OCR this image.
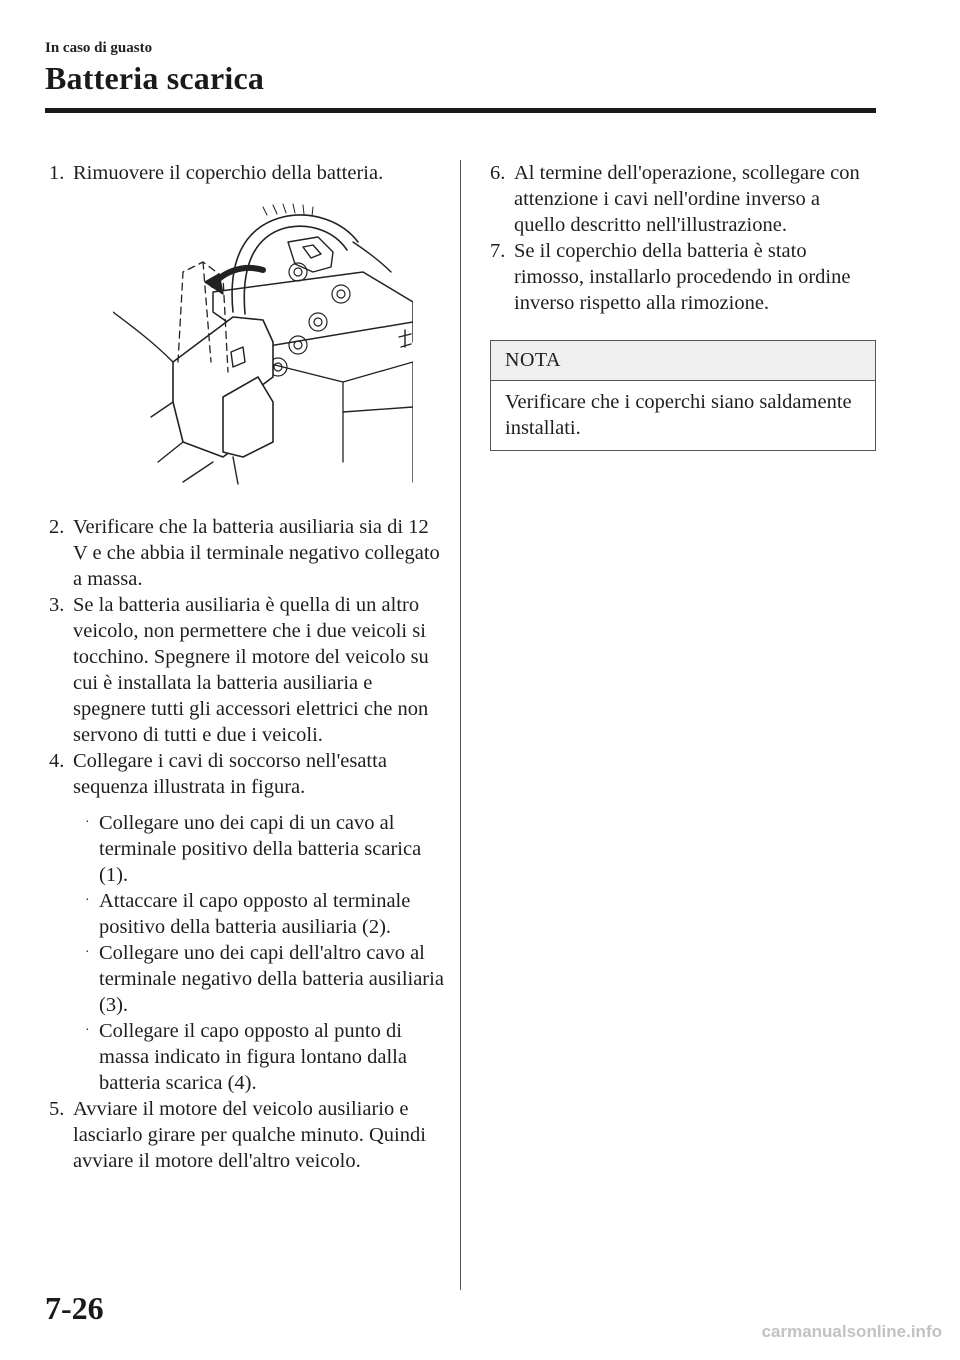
In caso di guasto
Batteria scarica
1. Rimuovere il coperchio della batteria.
2. Verificare che la batteria ausiliaria sia di 12 V e che abbia il terminale negativo collegato a massa.
3. Se la batteria ausiliaria è quella di un altro veicolo, non permettere che i due veicoli si tocchino. Spegnere il motore del veicolo su cui è installata la batteria ausiliaria e spegnere tutti gli accessori elettrici che non servono di tutti e due i veicoli.
4. Collegare i cavi di soccorso nell'esatta sequenza illustrata in figura.
· Collegare uno dei capi di un cavo al terminale positivo della batteria scarica (1).
· Attaccare il capo opposto al terminale positivo della batteria ausiliaria (2).
· Collegare uno dei capi dell'altro cavo al terminale negativo della batteria ausiliaria (3).
· Collegare il capo opposto al punto di massa indicato in figura lontano dalla batteria scarica (4).
5. Avviare il motore del veicolo ausiliario e lasciarlo girare per qualche minuto. Quindi avviare il motore dell'altro veicolo.
6. Al termine dell'operazione, scollegare con attenzione i cavi nell'ordine inverso a quello descritto nell'illustrazione.
7. Se il coperchio della batteria è stato rimosso, installarlo procedendo in ordine inverso rispetto alla rimozione.
NOTA
Verificare che i coperchi siano saldamente installati.
7-26
carmanualsonline.info
